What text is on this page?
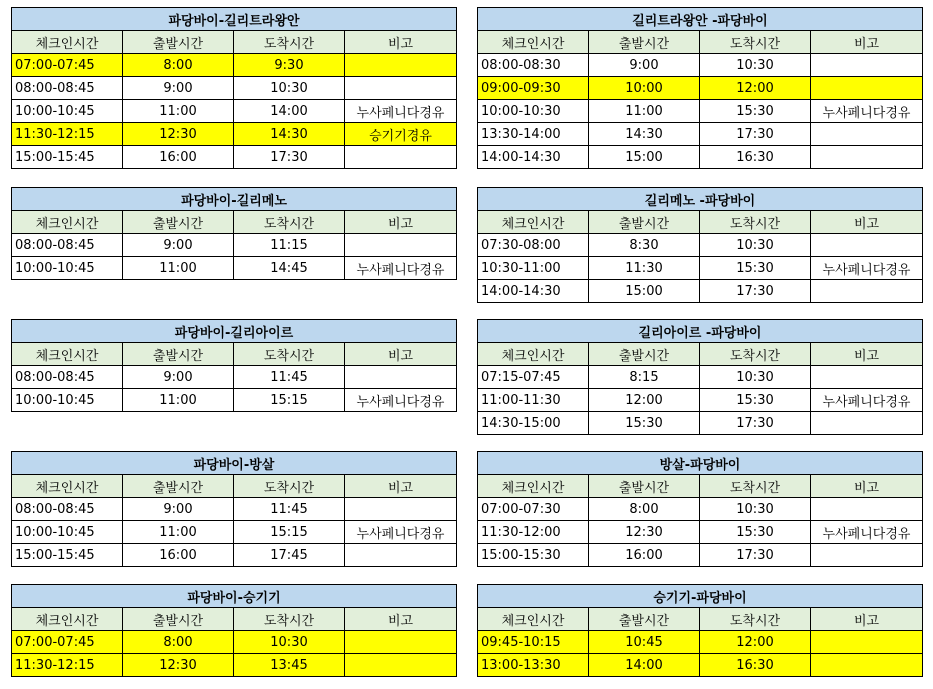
파당바이-길리트라왕안			
체크인시간	출발시간	도착시간	비고
07:00-07:45	8:00	9:30	
08:00-08:45	9:00	10:30	
10:00-10:45	11:00	14:00	누사페니다경유
11:30-12:15	12:30	14:30	승기기경유
15:00-15:45	16:00	17:30	
길리트라왕안 -파당바이			
체크인시간	출발시간	도착시간	비고
08:00-08:30	9:00	10:30	
09:00-09:30	10:00	12:00	
10:00-10:30	11:00	15:30	누사페니다경유
13:30-14:00	14:30	17:30	
14:00-14:30	15:00	16:30	
파당바이-길리메노			
체크인시간	출발시간	도착시간	비고
08:00-08:45	9:00	11:15	
10:00-10:45	11:00	14:45	누사페니다경유
길리메노 -파당바이			
체크인시간	출발시간	도착시간	비고
07:30-08:00	8:30	10:30	
10:30-11:00	11:30	15:30	누사페니다경유
14:00-14:30	15:00	17:30	
파당바이-길리아이르			
체크인시간	출발시간	도착시간	비고
08:00-08:45	9:00	11:45	
10:00-10:45	11:00	15:15	누사페니다경유
길리아이르 -파당바이			
체크인시간	출발시간	도착시간	비고
07:15-07:45	8:15	10:30	
11:00-11:30	12:00	15:30	누사페니다경유
14:30-15:00	15:30	17:30	
파당바이-방살			
체크인시간	출발시간	도착시간	비고
08:00-08:45	9:00	11:45	
10:00-10:45	11:00	15:15	누사페니다경유
15:00-15:45	16:00	17:45	
방살-파당바이			
체크인시간	출발시간	도착시간	비고
07:00-07:30	8:00	10:30	
11:30-12:00	12:30	15:30	누사페니다경유
15:00-15:30	16:00	17:30	
파당바이-승기기			
체크인시간	출발시간	도착시간	비고
07:00-07:45	8:00	10:30	
11:30-12:15	12:30	13:45	
승기기-파당바이			
체크인시간	출발시간	도착시간	비고
09:45-10:15	10:45	12:00	
13:00-13:30	14:00	16:30	
